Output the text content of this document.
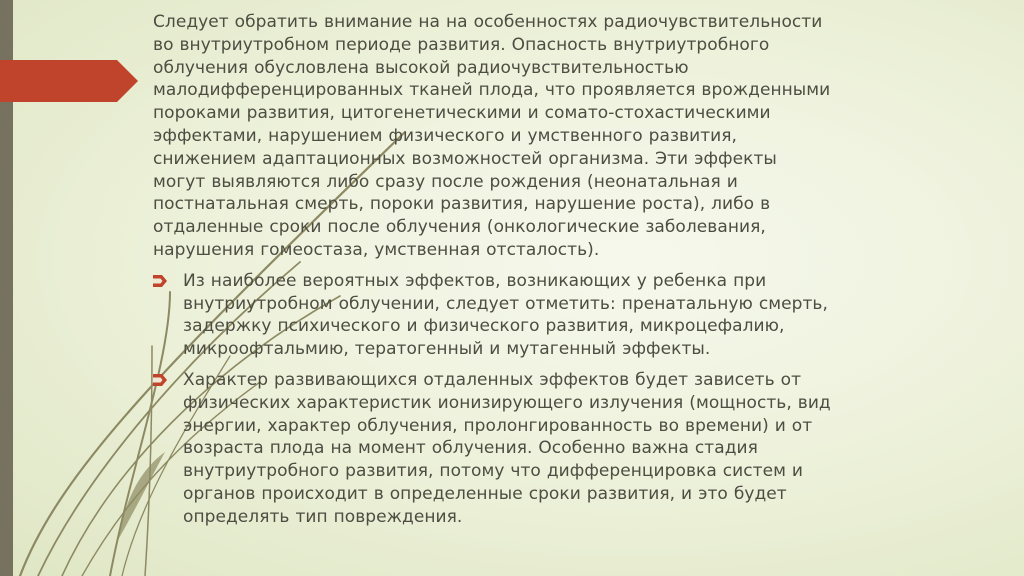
Следует обратить внимание на на особенностях радиочувствительности
во внутриутробном периоде развития. Опасность внутриутробного
облучения обусловлена высокой радиочувствительностью
малодифференцированных тканей плода, что проявляется врожденными
пороками развития, цитогенетическими и сомато-стохастическими
эффектами, нарушением физического и умственного развития,
снижением адаптационных возможностей организма. Эти эффекты
могут выявляются либо сразу после рождения (неонатальная и
постнатальная смерть, пороки развития, нарушение роста), либо в
отдаленные сроки после облучения (онкологические заболевания,
нарушения гомеостаза, умственная отсталость).

Из наиболее вероятных эффектов, возникающих у ребенка при
внутриутробном облучении, следует отметить: пренатальную смерть,
задержку психического и физического развития, микроцефалию,
микроофтальмию, тератогенный и мутагенный эффекты.

Характер развивающихся отдаленных эффектов будет зависеть от
физических характеристик ионизирующего излучения (мощность, вид
энергии, характер облучения, пролонгированность во времени) и от
возраста плода на момент облучения. Особенно важна стадия
внутриутробного развития, потому что дифференцировка систем и
органов происходит в определенные сроки развития, и это будет
определять тип повреждения.
